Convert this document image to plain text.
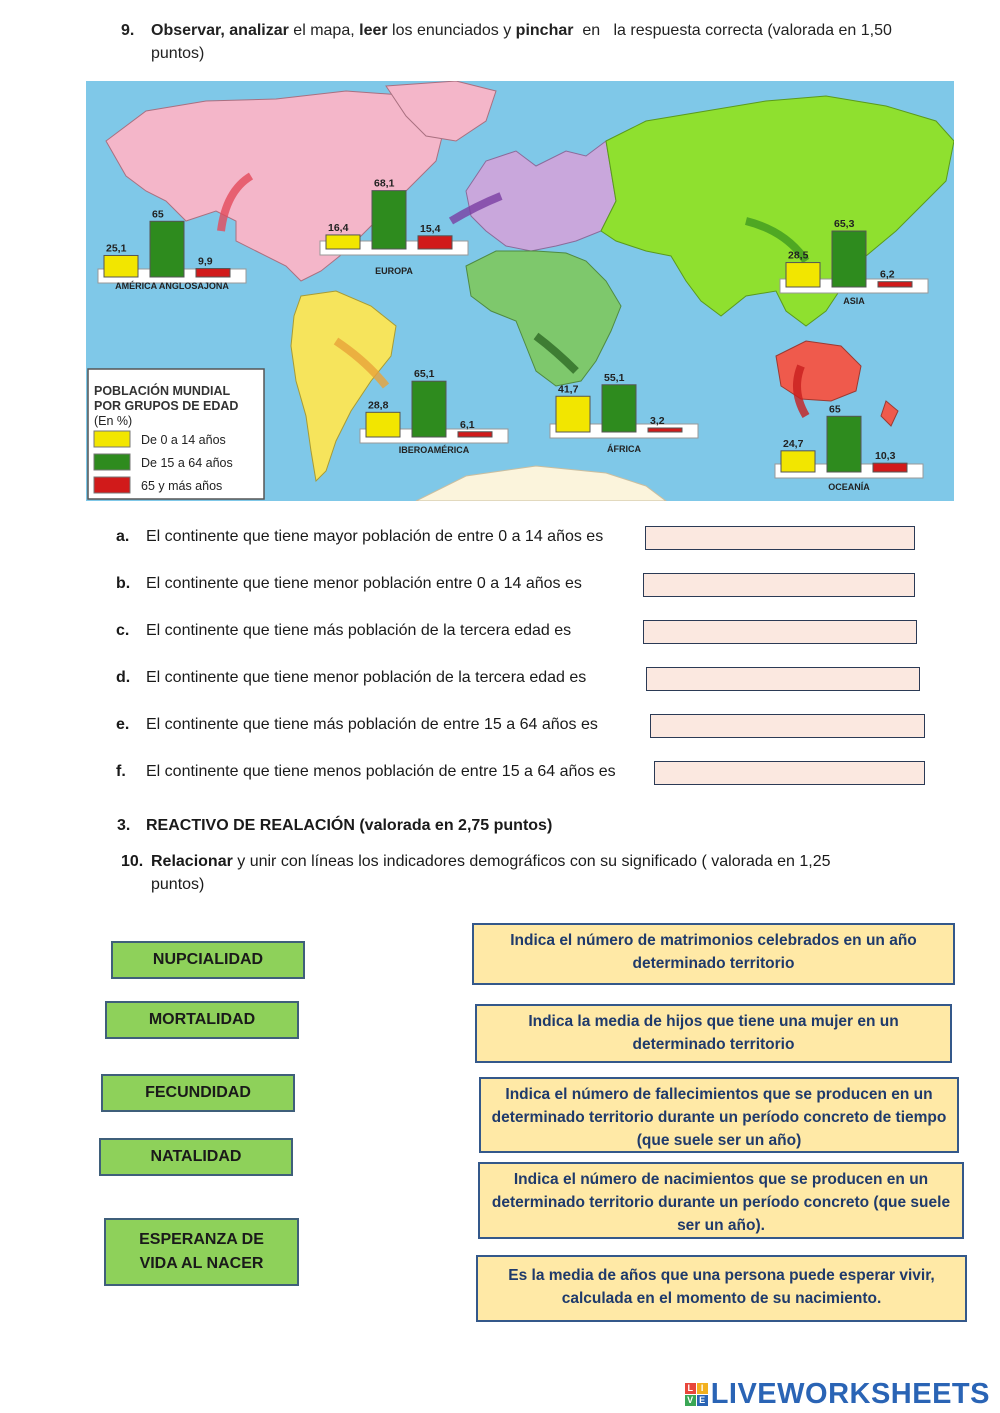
9. Observar, analizar el mapa, leer los enunciados y pinchar  en   la respuesta correcta (valorada en 1,50
puntos)
25,1
65
9,9
AMÉRICA ANGLOSAJONA
16,4
68,1
15,4
EUROPA
28,5
65,3
6,2
ASIA
28,8
65,1
6,1
IBEROAMÉRICA
41,7
55,1
3,2
ÁFRICA	24,7
65
10,3
OCEANÍA
POBLACIÓN MUNDIAL
POR GRUPOS DE EDAD
(En %)
De 0 a 14 años
De 15 a 64 años
65 y más años
a. El continente que tiene mayor población de entre 0 a 14 años es
b. El continente que tiene menor población entre 0 a 14 años es
c. El continente que tiene más población de la tercera edad es
d. El continente que tiene menor población de la tercera edad es
e. El continente que tiene más población de entre 15 a 64 años es
f. El continente que tiene menos población de entre 15 a 64 años es
3. REACTIVO DE REALACIÓN (valorada en 2,75 puntos)
10. Relacionar y unir con líneas los indicadores demográficos con su significado ( valorada en 1,25
puntos)
NUPCIALIDAD
MORTALIDAD
FECUNDIDAD
NATALIDAD
ESPERANZA DE VIDA AL NACER
Indica el número de matrimonios celebrados en un año determinado territorio
Indica la media de hijos que tiene una mujer en un determinado territorio
Indica el número de fallecimientos que se producen en un determinado territorio durante un período concreto de tiempo (que suele ser un año)
Indica el número de nacimientos que se producen en un determinado territorio durante un período concreto (que suele ser un año).
Es la media de años que una persona puede esperar vivir, calculada en el momento de su nacimiento.
L I
V E LIVEWORKSHEETS
